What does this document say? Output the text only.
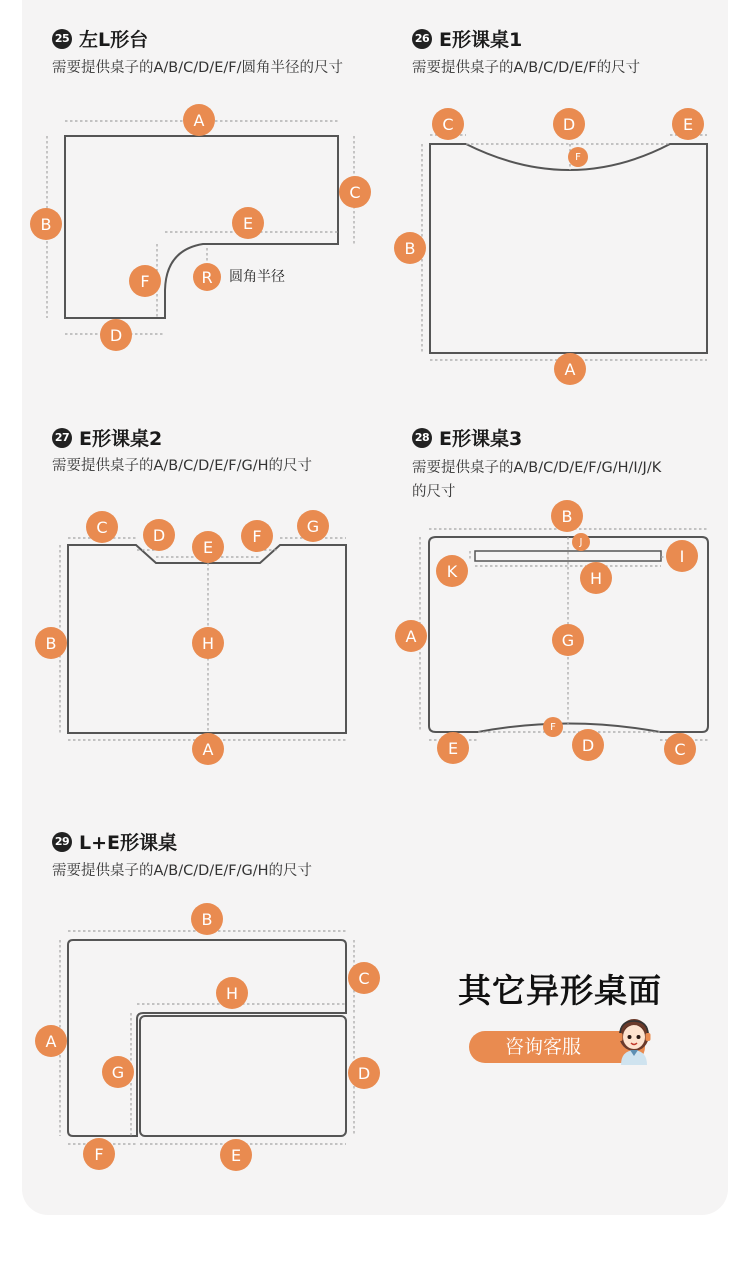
25 左L形台
需要提供桌子的A/B/C/D/E/F/圆角半径的尺寸
26 E形课桌1
需要提供桌子的A/B/C/D/E/F的尺寸
27 E形课桌2
需要提供桌子的A/B/C/D/E/F/G/H的尺寸
28 E形课桌3
需要提供桌子的A/B/C/D/E/F/G/H/I/J/K
的尺寸
29 L+E形课桌
需要提供桌子的A/B/C/D/E/F/G/H的尺寸
A
B
C
E
F	R
D
C	D	E
F
B
A
C	D
E
F
G
B	H
A
B
J
K
I
H
A	G
F
E	D	C
B
C
H
A
G	D
F	E
圆角半径
其它异形桌面
咨询客服
